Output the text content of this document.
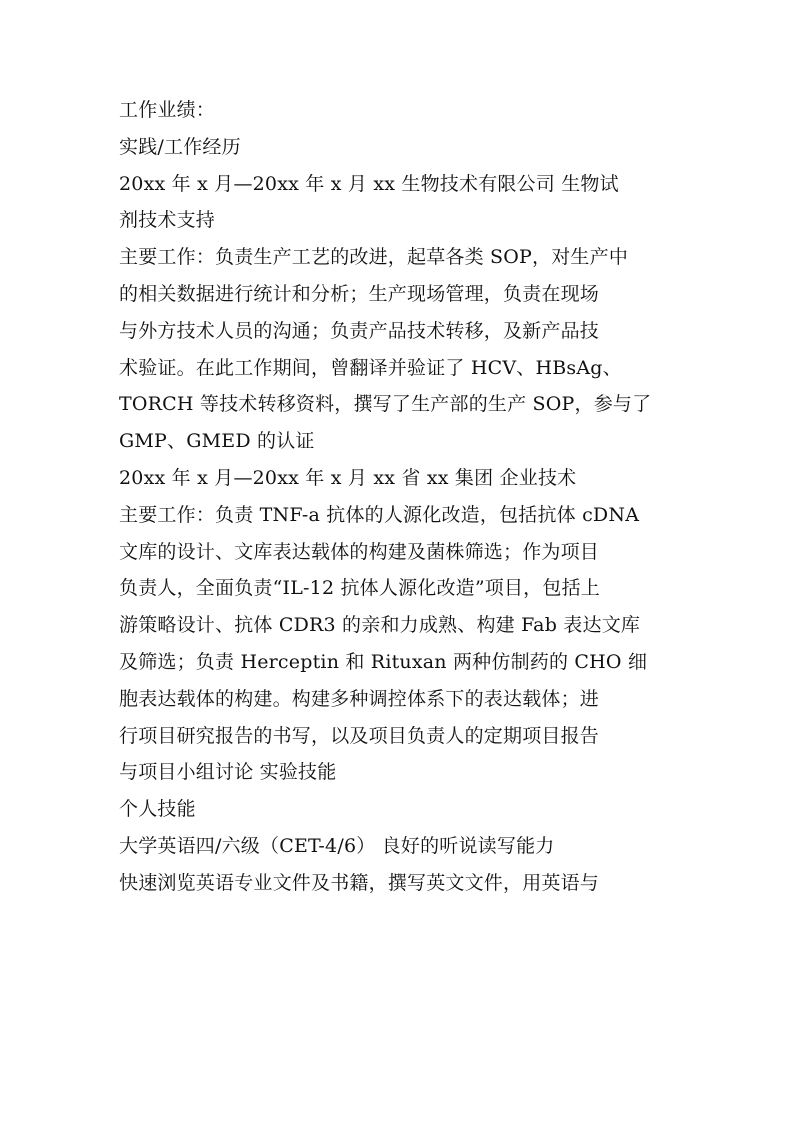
工作业绩：
实践/工作经历
20xx 年 x 月—20xx 年 x 月 xx 生物技术有限公司 生物试
剂技术支持
主要工作：负责生产工艺的改进，起草各类 SOP，对生产中
的相关数据进行统计和分析；生产现场管理，负责在现场
与外方技术人员的沟通；负责产品技术转移，及新产品技
术验证。在此工作期间，曾翻译并验证了 HCV、HBsAg、
TORCH 等技术转移资料，撰写了生产部的生产 SOP，参与了
GMP、GMED 的认证
20xx 年 x 月—20xx 年 x 月 xx 省 xx 集团 企业技术
主要工作：负责 TNF-a 抗体的人源化改造，包括抗体 cDNA
文库的设计、文库表达载体的构建及菌株筛选；作为项目
负责人，全面负责“IL-12 抗体人源化改造”项目，包括上
游策略设计、抗体 CDR3 的亲和力成熟、构建 Fab 表达文库
及筛选；负责 Herceptin 和 Rituxan 两种仿制药的 CHO 细
胞表达载体的构建。构建多种调控体系下的表达载体；进
行项目研究报告的书写，以及项目负责人的定期项目报告
与项目小组讨论 实验技能
个人技能
大学英语四/六级（CET-4/6） 良好的听说读写能力
快速浏览英语专业文件及书籍，撰写英文文件，用英语与
